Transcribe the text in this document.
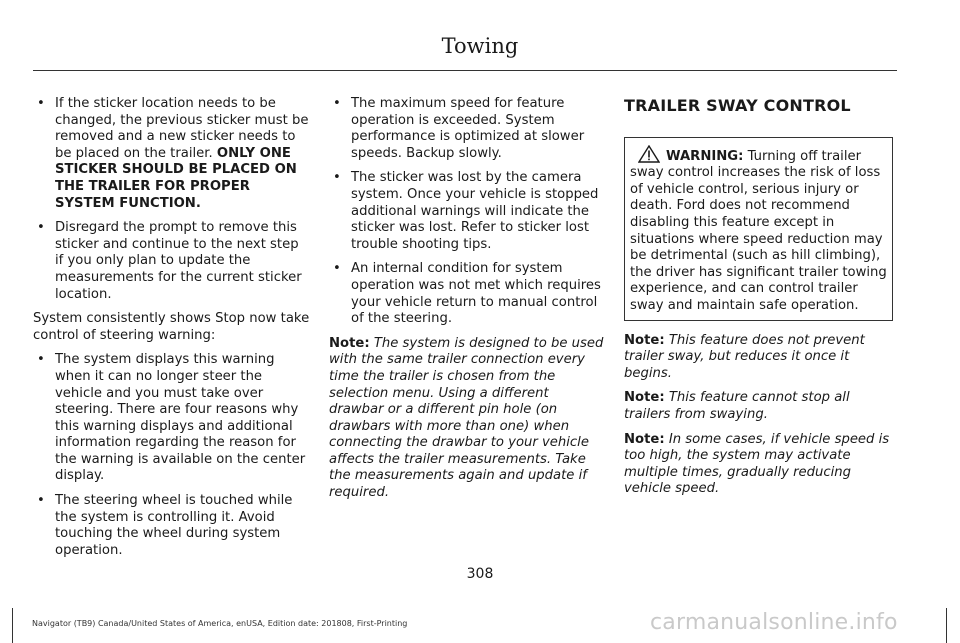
Towing
• If the sticker location needs to be changed, the previous sticker must be removed and a new sticker needs to be placed on the trailer. ONLY ONE STICKER SHOULD BE PLACED ON THE TRAILER FOR PROPER SYSTEM FUNCTION.
• Disregard the prompt to remove this sticker and continue to the next step if you only plan to update the measurements for the current sticker location.

System consistently shows Stop now take control of steering warning:

• The system displays this warning when it can no longer steer the vehicle and you must take over steering. There are four reasons why this warning displays and additional information regarding the reason for the warning is available on the center display.
• The steering wheel is touched while the system is controlling it. Avoid touching the wheel during system operation.
• The maximum speed for feature operation is exceeded. System performance is optimized at slower speeds. Backup slowly.
• The sticker was lost by the camera system. Once your vehicle is stopped additional warnings will indicate the sticker was lost. Refer to sticker lost trouble shooting tips.
• An internal condition for system operation was not met which requires your vehicle return to manual control of the steering.

Note: The system is designed to be used with the same trailer connection every time the trailer is chosen from the selection menu. Using a different drawbar or a different pin hole (on drawbars with more than one) when connecting the drawbar to your vehicle affects the trailer measurements. Take the measurements again and update if required.

TRAILER SWAY CONTROL
WARNING: Turning off trailer sway control increases the risk of loss of vehicle control, serious injury or death. Ford does not recommend disabling this feature except in situations where speed reduction may be detrimental (such as hill climbing), the driver has significant trailer towing experience, and can control trailer sway and maintain safe operation.

Note: This feature does not prevent trailer sway, but reduces it once it begins.

Note: This feature cannot stop all trailers from swaying.

Note: In some cases, if vehicle speed is too high, the system may activate multiple times, gradually reducing vehicle speed.

308
Navigator (TB9) Canada/United States of America, enUSA, Edition date: 201808, First-Printing	carmanualsonline.info
